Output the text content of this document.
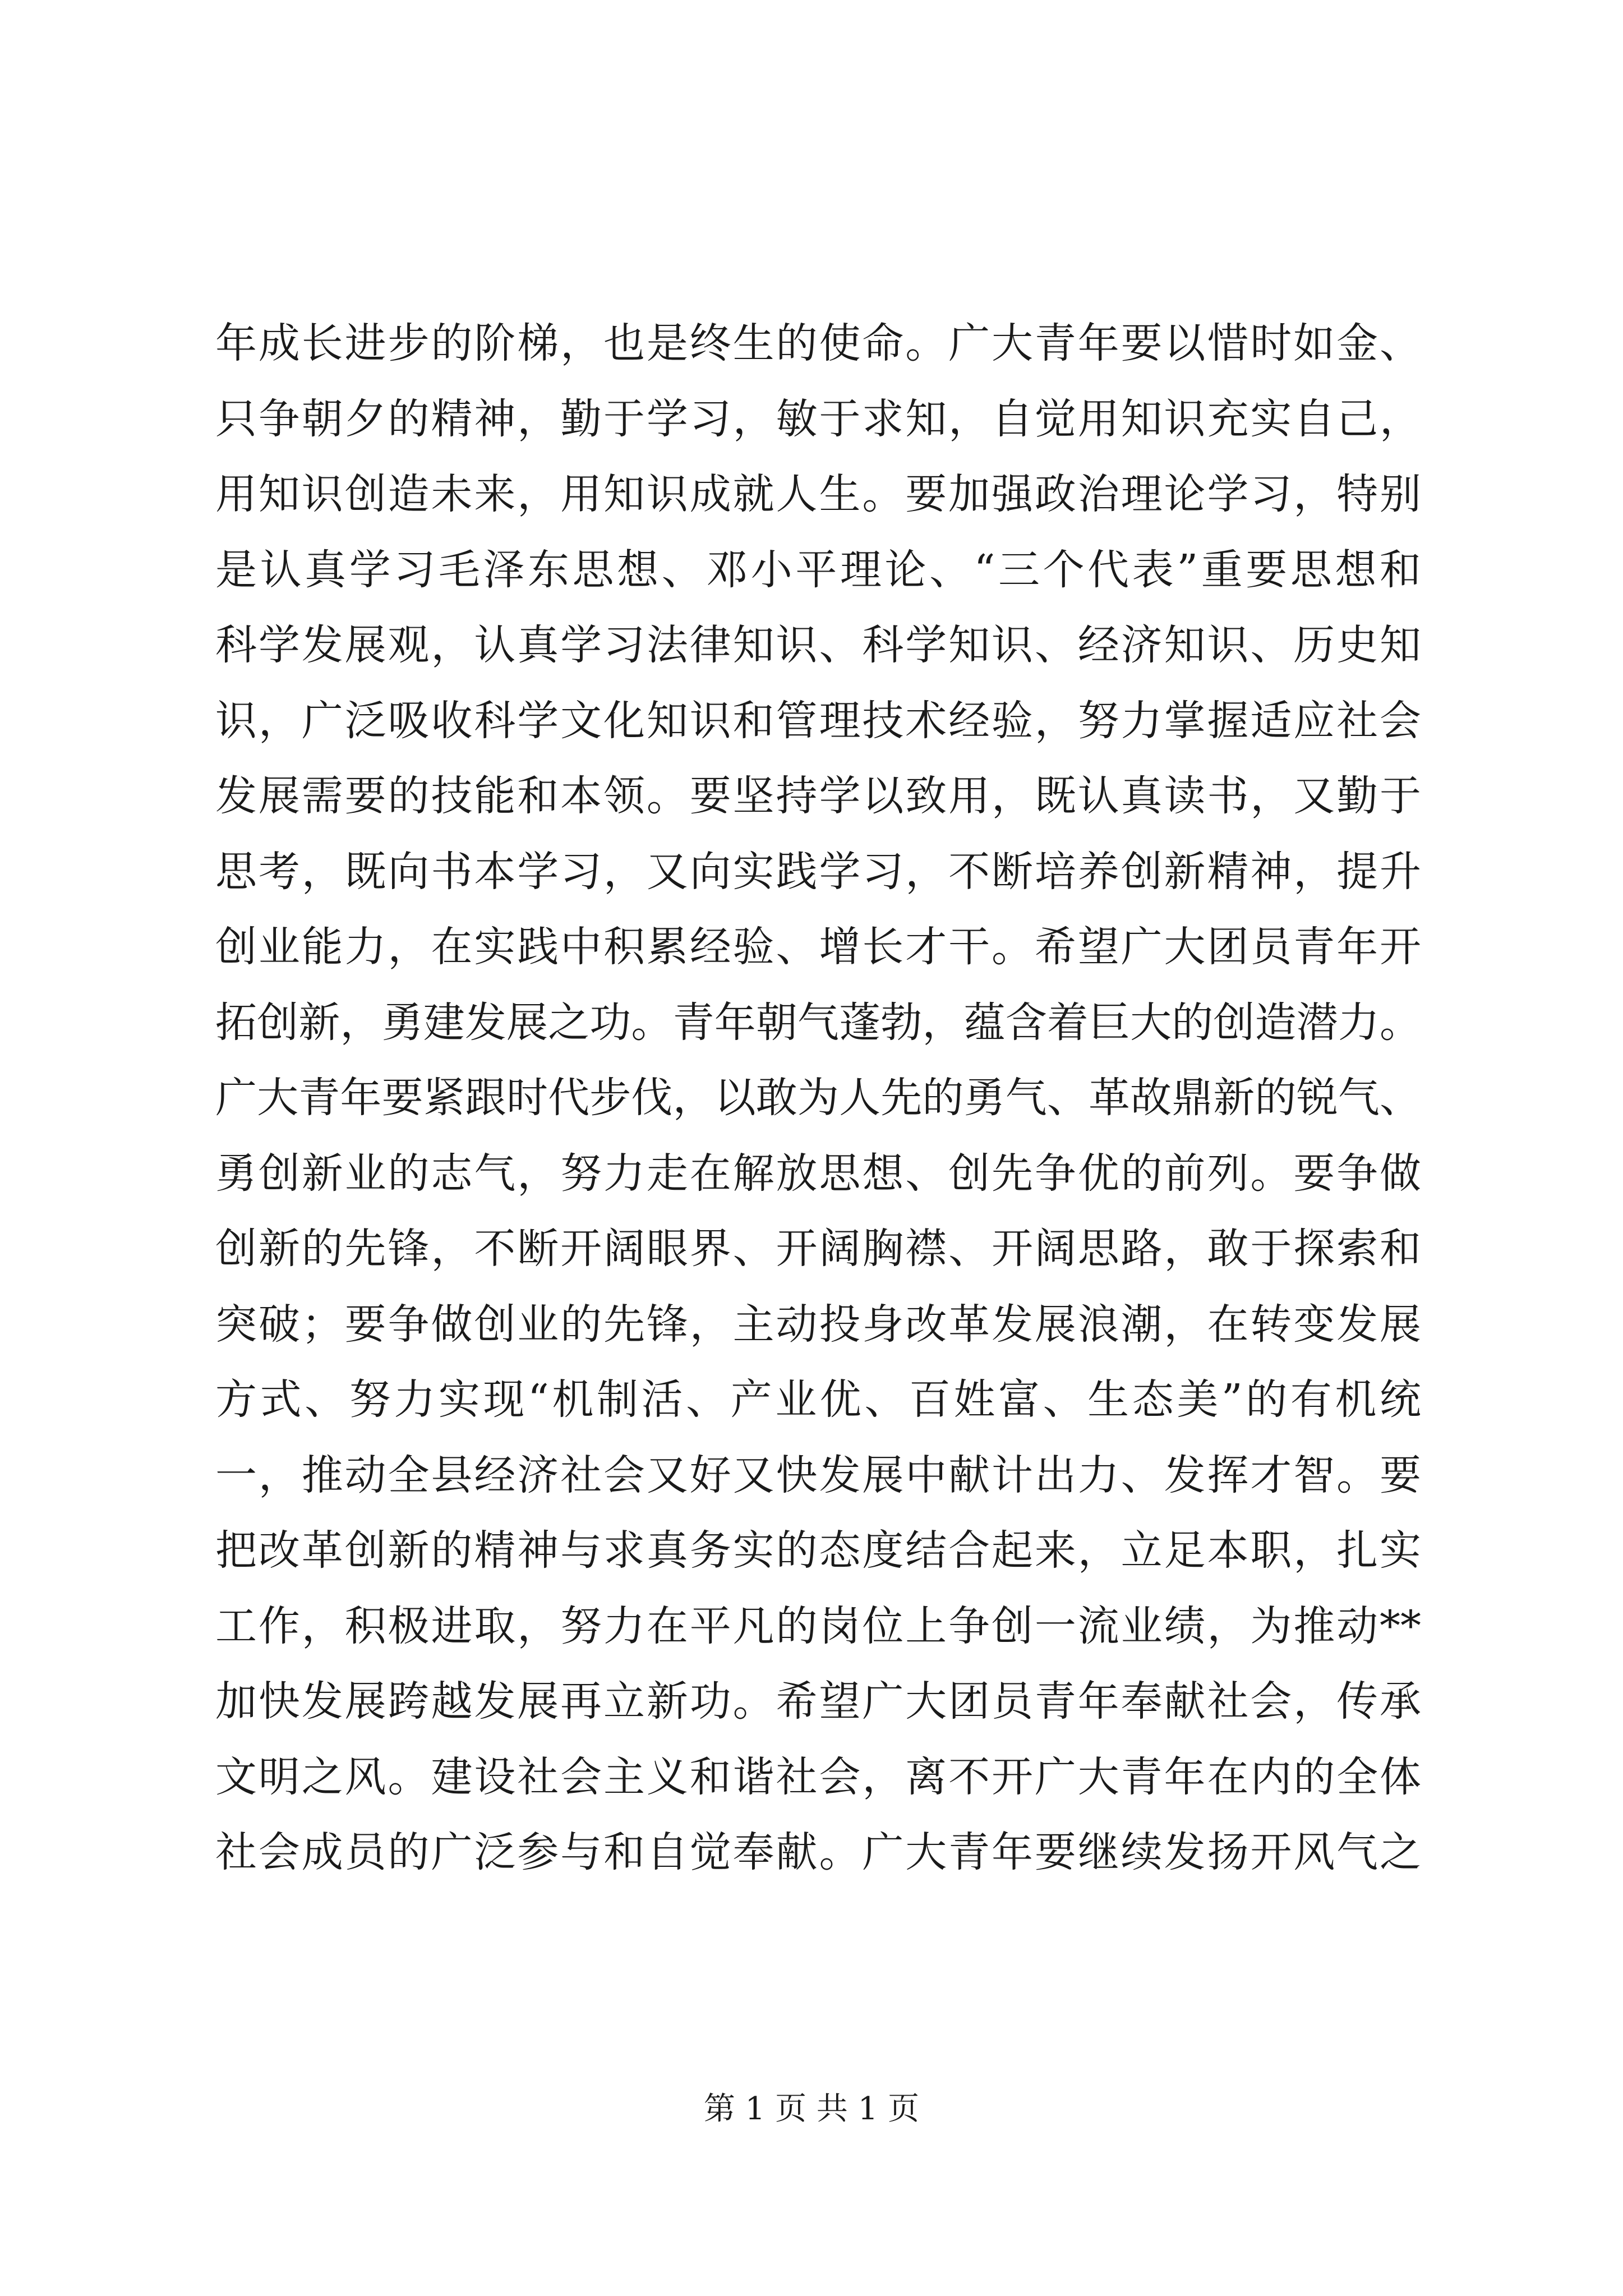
年成长进步的阶梯，也是终生的使命。广大青年要以惜时如金、
只争朝夕的精神，勤于学习，敏于求知，自觉用知识充实自己，
用知识创造未来，用知识成就人生。要加强政治理论学习，特别
是认真学习毛泽东思想、邓小平理论、“三个代表”重要思想和
科学发展观，认真学习法律知识、科学知识、经济知识、历史知
识，广泛吸收科学文化知识和管理技术经验，努力掌握适应社会
发展需要的技能和本领。要坚持学以致用，既认真读书，又勤于
思考，既向书本学习，又向实践学习，不断培养创新精神，提升
创业能力，在实践中积累经验、增长才干。希望广大团员青年开
拓创新，勇建发展之功。青年朝气蓬勃，蕴含着巨大的创造潜力。
广大青年要紧跟时代步伐，以敢为人先的勇气、革故鼎新的锐气、
勇创新业的志气，努力走在解放思想、创先争优的前列。要争做
创新的先锋，不断开阔眼界、开阔胸襟、开阔思路，敢于探索和
突破；要争做创业的先锋，主动投身改革发展浪潮，在转变发展
方式、努力实现“机制活、产业优、百姓富、生态美”的有机统
一，推动全县经济社会又好又快发展中献计出力、发挥才智。要
把改革创新的精神与求真务实的态度结合起来，立足本职，扎实
工作，积极进取，努力在平凡的岗位上争创一流业绩，为推动**
加快发展跨越发展再立新功。希望广大团员青年奉献社会，传承
文明之风。建设社会主义和谐社会，离不开广大青年在内的全体
社会成员的广泛参与和自觉奉献。广大青年要继续发扬开风气之
第 1 页 共 1 页
